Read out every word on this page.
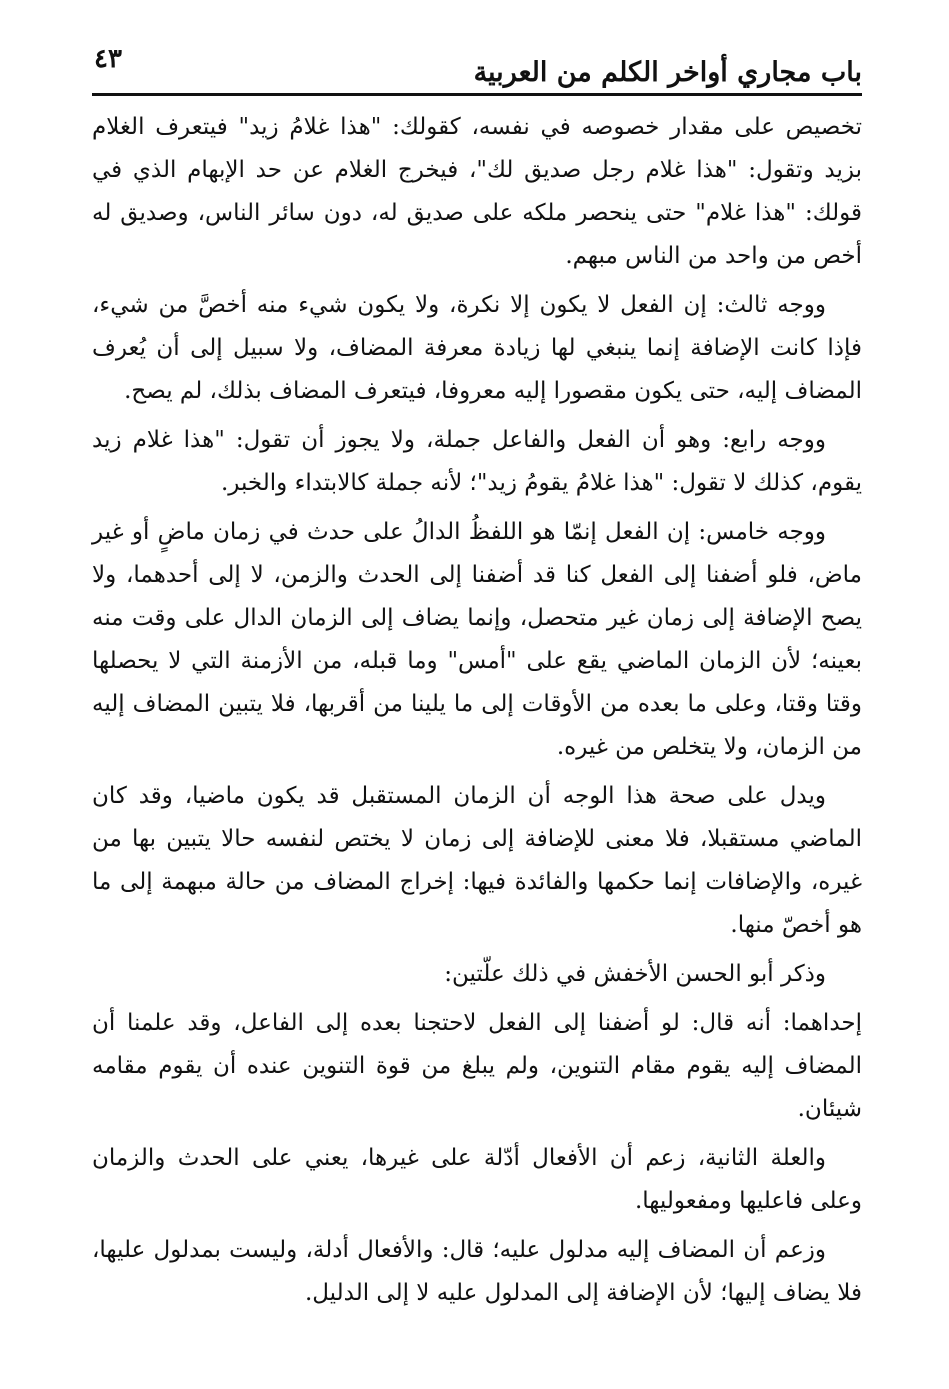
باب مجاري أواخر الكلم من العربية
٤٣

تخصيص على مقدار خصوصه في نفسه، كقولك: "هذا غلامُ زيد" فيتعرف الغلام بزيد وتقول: "هذا غلام رجل صديق لك"، فيخرج الغلام عن حد الإبهام الذي في قولك: "هذا غلام" حتى ينحصر ملكه على صديق له، دون سائر الناس، وصديق له أخص من واحد من الناس مبهم.

ووجه ثالث: إن الفعل لا يكون إلا نكرة، ولا يكون شيء منه أخصَّ من شيء، فإذا كانت الإضافة إنما ينبغي لها زيادة معرفة المضاف، ولا سبيل إلى أن يُعرف المضاف إليه، حتى يكون مقصورا إليه معروفا، فيتعرف المضاف بذلك، لم يصح.

ووجه رابع: وهو أن الفعل والفاعل جملة، ولا يجوز أن تقول: "هذا غلام زيد يقوم، كذلك لا تقول: "هذا غلامُ يقومُ زيد"؛ لأنه جملة كالابتداء والخبر.

ووجه خامس: إن الفعل إنمّا هو اللفظُ الدالُ على حدث في زمان ماضٍ أو غير ماض، فلو أضفنا إلى الفعل كنا قد أضفنا إلى الحدث والزمن، لا إلى أحدهما، ولا يصح الإضافة إلى زمان غير متحصل، وإنما يضاف إلى الزمان الدال على وقت منه بعينه؛ لأن الزمان الماضي يقع على "أمس" وما قبله، من الأزمنة التي لا يحصلها وقتا وقتا، وعلى ما بعده من الأوقات إلى ما يلينا من أقربها، فلا يتبين المضاف إليه من الزمان، ولا يتخلص من غيره.

ويدل على صحة هذا الوجه أن الزمان المستقبل قد يكون ماضيا، وقد كان الماضي مستقبلا، فلا معنى للإضافة إلى زمان لا يختص لنفسه حالا يتبين بها من غيره، والإضافات إنما حكمها والفائدة فيها: إخراج المضاف من حالة مبهمة إلى ما هو أخصّ منها.

وذكر أبو الحسن الأخفش في ذلك علّتين:

إحداهما: أنه قال: لو أضفنا إلى الفعل لاحتجنا بعده إلى الفاعل، وقد علمنا أن المضاف إليه يقوم مقام التنوين، ولم يبلغ من قوة التنوين عنده أن يقوم مقامه شيئان.

والعلة الثانية، زعم أن الأفعال أدّلة على غيرها، يعني على الحدث والزمان وعلى فاعليها ومفعوليها.

وزعم أن المضاف إليه مدلول عليه؛ قال: والأفعال أدلة، وليست بمدلول عليها، فلا يضاف إليها؛ لأن الإضافة إلى المدلول عليه لا إلى الدليل.
